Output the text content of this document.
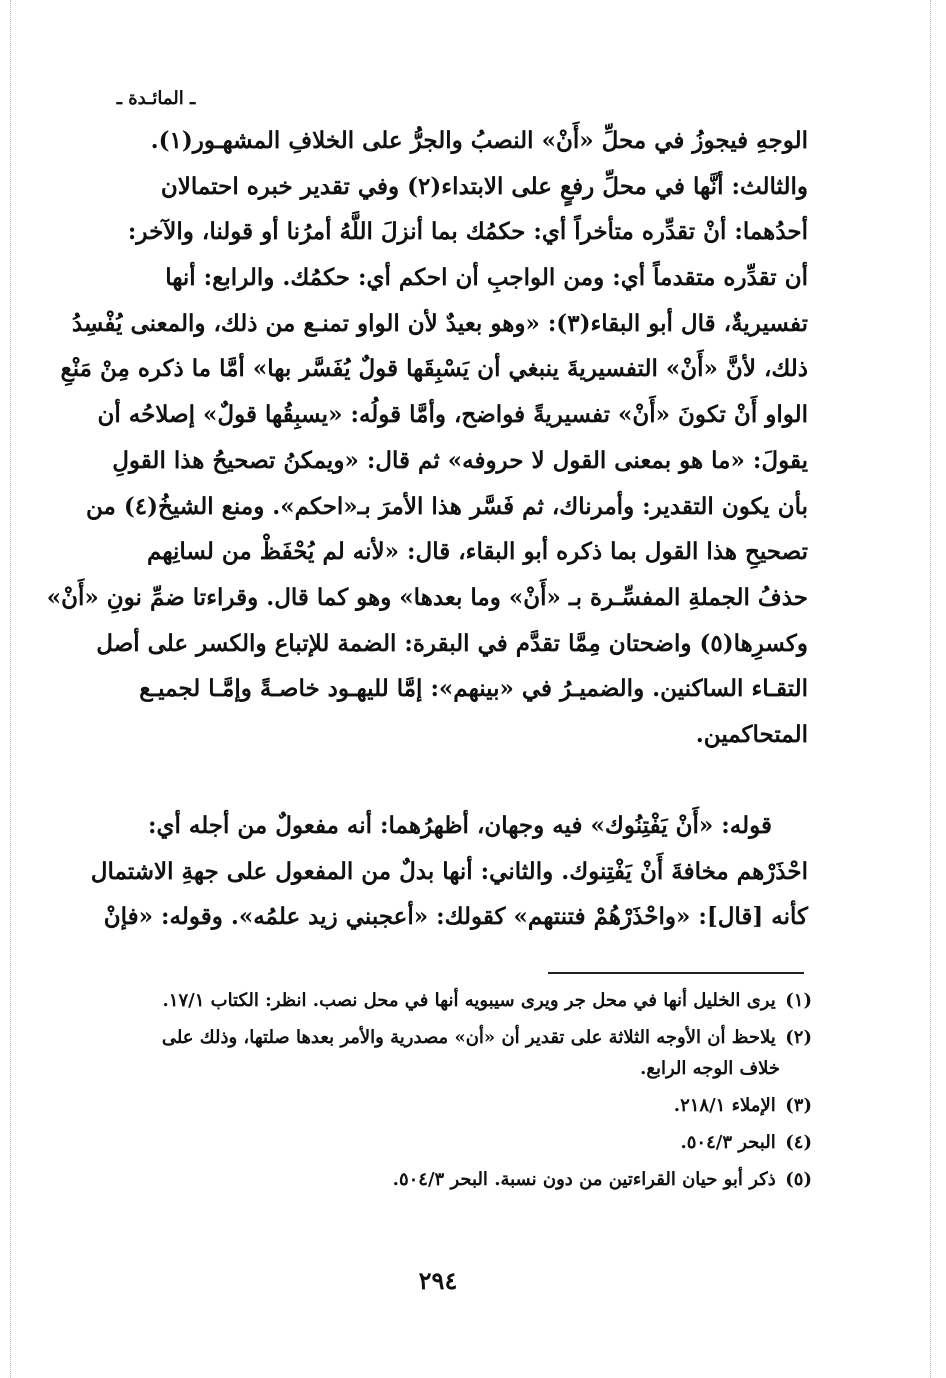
ـ المائـدة ـ
الوجهِ فيجوزُ في محلِّ «أَنْ» النصبُ والجرُّ على الخلافِ المشهـور(١).
والثالث: أنَّها في محلِّ رفعٍ على الابتداء(٢) وفي تقدير خبره احتمالان
أحدُهما: أنْ تقدِّره متأخراً أي: حكمُك بما أنزلَ اللَّهُ أمرُنا أو قولنا، والآخر:
أن تقدِّره متقدماً أي: ومن الواجبِ أن احكم أي: حكمُك. والرابع: أنها
تفسيريةٌ، قال أبو البقاء(٣): «وهو بعيدٌ لأن الواو تمنـع من ذلك، والمعنى يُفْسِدُ
ذلك، لأنَّ «أَنْ» التفسيريةَ ينبغي أن يَسْبِقَها قولٌ يُفَسَّر بها» أمَّا ما ذكره مِنْ مَنْعِ
الواو أَنْ تكونَ «أَنْ» تفسيريةً فواضح، وأمَّا قولُه: «يسبِقُها قولٌ» إصلاحُه أن
يقولَ: «ما هو بمعنى القول لا حروفه» ثم قال: «ويمكنُ تصحيحُ هذا القولِ
بأن يكون التقدير: وأمرناك، ثم فَسَّر هذا الأمرَ بـ«احكم». ومنع الشيخُ(٤) من
تصحيحِ هذا القول بما ذكره أبو البقاء، قال: «لأنه لم يُحْفَظْ من لسانِهم
حذفُ الجملةِ المفسِّـرة بـ «أَنْ» وما بعدها» وهو كما قال. وقراءتا ضمِّ نونِ «أَنْ»
وكسرِها(٥) واضحتان مِمَّا تقدَّم في البقرة: الضمة للإتباع والكسر على أصل
التقـاء الساكنين. والضميـرُ في «بينهم»: إمَّا لليهـود خاصـةً وإمَّـا لجميـع
المتحاكمين.
قوله: «أَنْ يَفْتِنُوك» فيه وجهان، أظهرُهما: أنه مفعولٌ من أجله أي:
احْذَرْهم مخافةَ أَنْ يَفْتِنوك. والثاني: أنها بدلٌ من المفعول على جهةِ الاشتمال
كأنه [قال]: «واحْذَرْهُمْ فتنتهم» كقولك: «أعجبني زيد علمُه». وقوله: «فإنْ
(١) يرى الخليل أنها في محل جر ويرى سيبويه أنها في محل نصب. انظر: الكتاب ١٧/١.
(٢) يلاحظ أن الأوجه الثلاثة على تقدير أن «أن» مصدرية والأمر بعدها صلتها، وذلك على
خلاف الوجه الرابع.
(٣) الإملاء ٢١٨/١.
(٤) البحر ٥٠٤/٣.
(٥) ذكر أبو حيان القراءتين من دون نسبة. البحر ٥٠٤/٣.
٢٩٤
